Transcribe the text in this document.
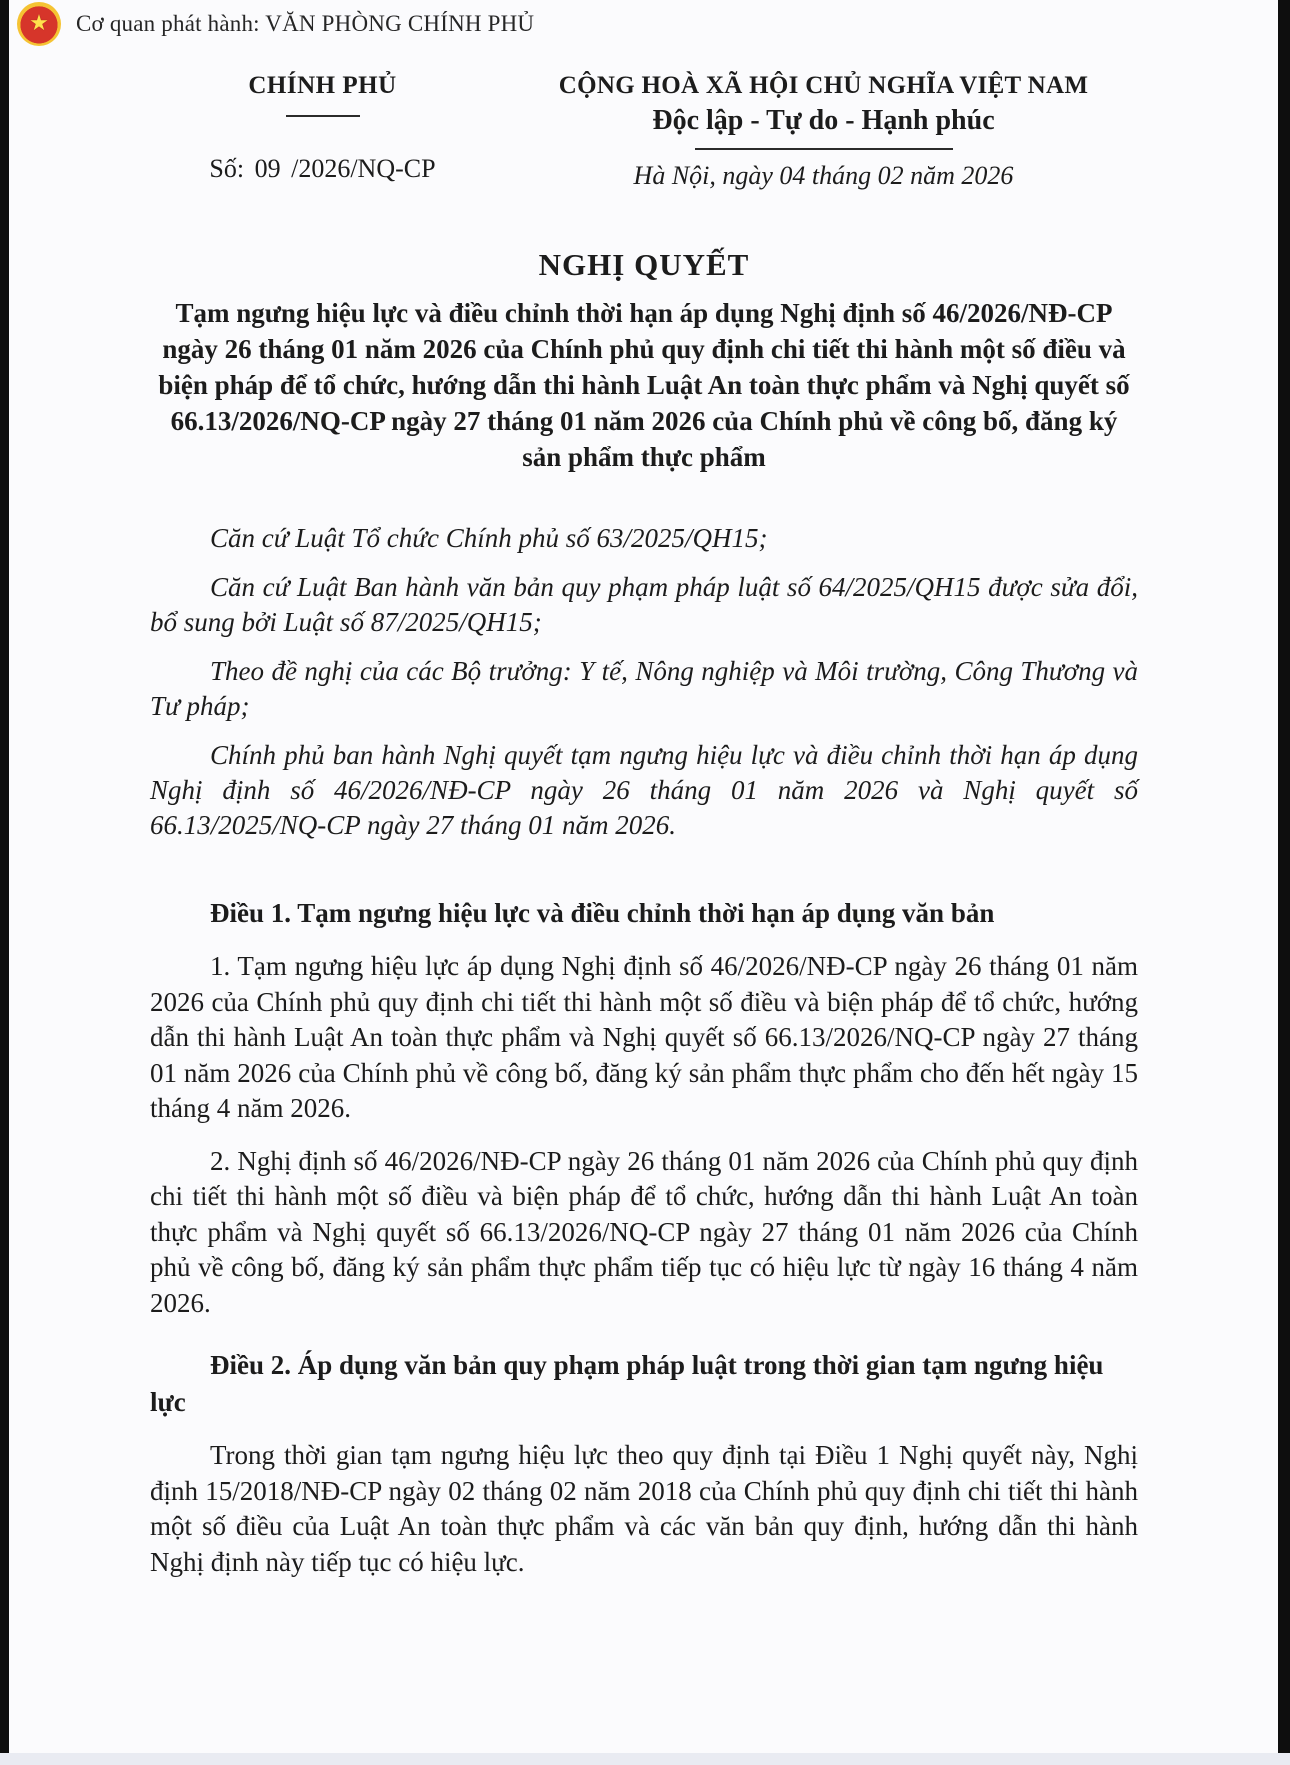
★ Cơ quan phát hành: VĂN PHÒNG CHÍNH PHỦ
CHÍNH PHỦ
Số: 09 /2026/NQ-CP
CỘNG HOÀ XÃ HỘI CHỦ NGHĨA VIỆT NAM
Độc lập - Tự do - Hạnh phúc
Hà Nội, ngày 04 tháng 02 năm 2026
NGHỊ QUYẾT
Tạm ngưng hiệu lực và điều chỉnh thời hạn áp dụng Nghị định số 46/2026/NĐ-CP ngày 26 tháng 01 năm 2026 của Chính phủ quy định chi tiết thi hành một số điều và biện pháp để tổ chức, hướng dẫn thi hành Luật An toàn thực phẩm và Nghị quyết số 66.13/2026/NQ-CP ngày 27 tháng 01 năm 2026 của Chính phủ về công bố, đăng ký sản phẩm thực phẩm

Căn cứ Luật Tổ chức Chính phủ số 63/2025/QH15;

Căn cứ Luật Ban hành văn bản quy phạm pháp luật số 64/2025/QH15 được sửa đổi, bổ sung bởi Luật số 87/2025/QH15;

Theo đề nghị của các Bộ trưởng: Y tế, Nông nghiệp và Môi trường, Công Thương và Tư pháp;

Chính phủ ban hành Nghị quyết tạm ngưng hiệu lực và điều chỉnh thời hạn áp dụng Nghị định số 46/2026/NĐ-CP ngày 26 tháng 01 năm 2026 và Nghị quyết số 66.13/2025/NQ-CP ngày 27 tháng 01 năm 2026.

Điều 1. Tạm ngưng hiệu lực và điều chỉnh thời hạn áp dụng văn bản

1. Tạm ngưng hiệu lực áp dụng Nghị định số 46/2026/NĐ-CP ngày 26 tháng 01 năm 2026 của Chính phủ quy định chi tiết thi hành một số điều và biện pháp để tổ chức, hướng dẫn thi hành Luật An toàn thực phẩm và Nghị quyết số 66.13/2026/NQ-CP ngày 27 tháng 01 năm 2026 của Chính phủ về công bố, đăng ký sản phẩm thực phẩm cho đến hết ngày 15 tháng 4 năm 2026.

2. Nghị định số 46/2026/NĐ-CP ngày 26 tháng 01 năm 2026 của Chính phủ quy định chi tiết thi hành một số điều và biện pháp để tổ chức, hướng dẫn thi hành Luật An toàn thực phẩm và Nghị quyết số 66.13/2026/NQ-CP ngày 27 tháng 01 năm 2026 của Chính phủ về công bố, đăng ký sản phẩm thực phẩm tiếp tục có hiệu lực từ ngày 16 tháng 4 năm 2026.

Điều 2. Áp dụng văn bản quy phạm pháp luật trong thời gian tạm ngưng hiệu lực

Trong thời gian tạm ngưng hiệu lực theo quy định tại Điều 1 Nghị quyết này, Nghị định 15/2018/NĐ-CP ngày 02 tháng 02 năm 2018 của Chính phủ quy định chi tiết thi hành một số điều của Luật An toàn thực phẩm và các văn bản quy định, hướng dẫn thi hành Nghị định này tiếp tục có hiệu lực.
